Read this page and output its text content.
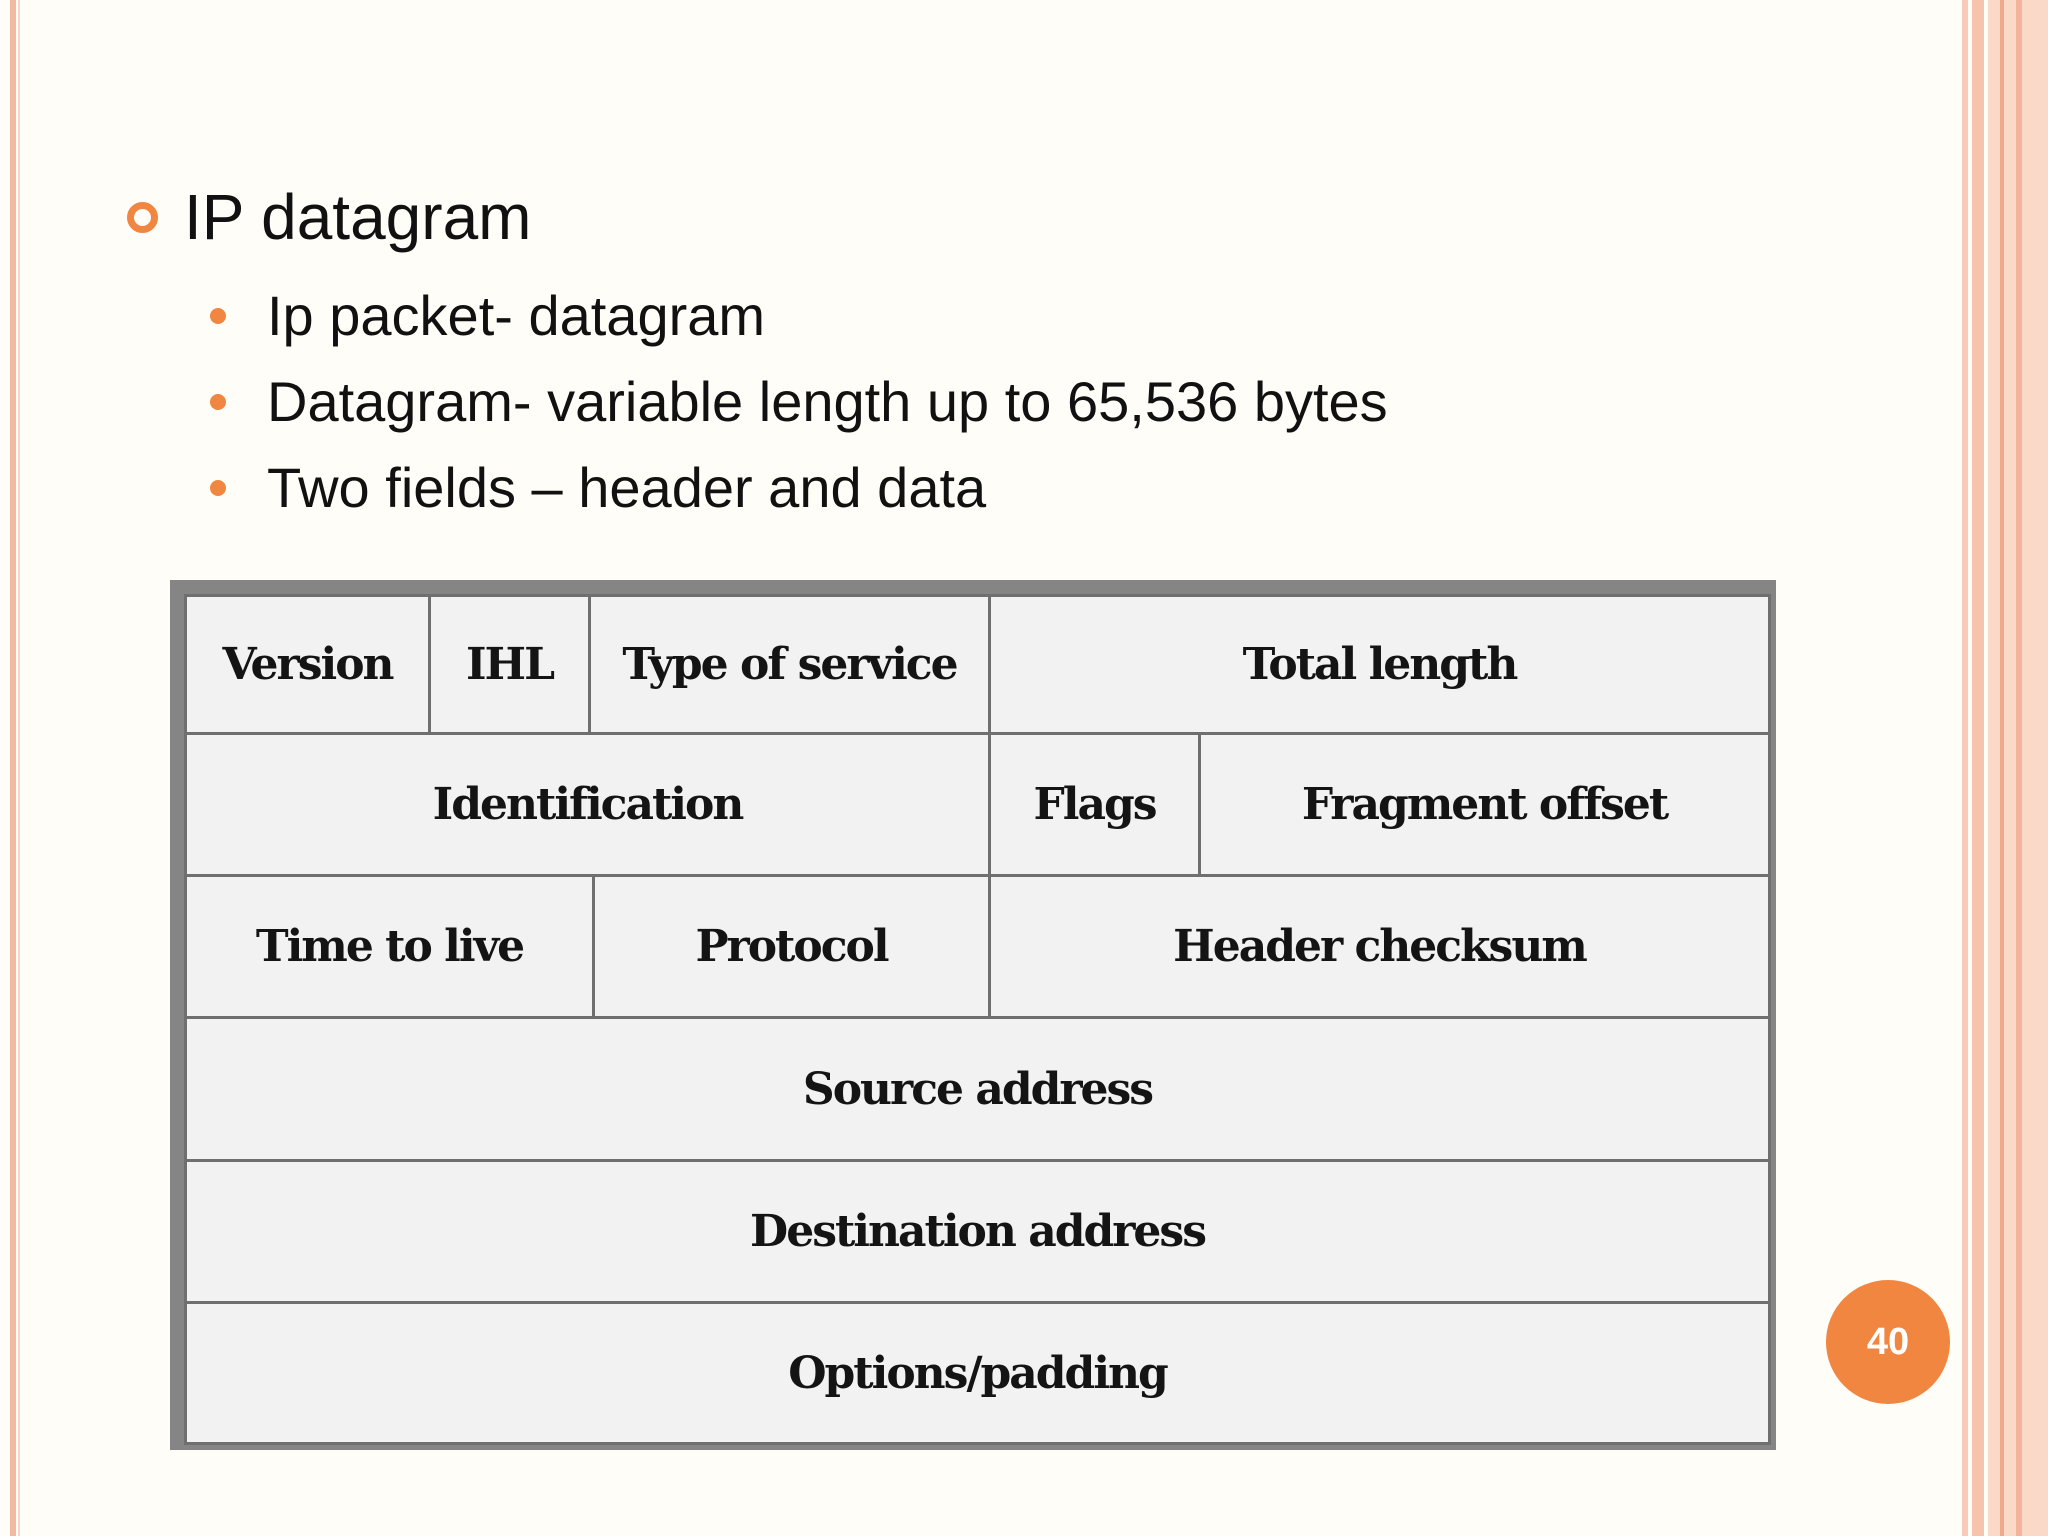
IP datagram
Ip packet- datagram
Datagram- variable length up to 65,536 bytes
Two fields – header and data
Version	IHL	Type of service		Total length	
Identification				Flags	Fragment offset
Time to live			Protocol	Header checksum	
Source address					
Destination address					
Options/padding					
40
